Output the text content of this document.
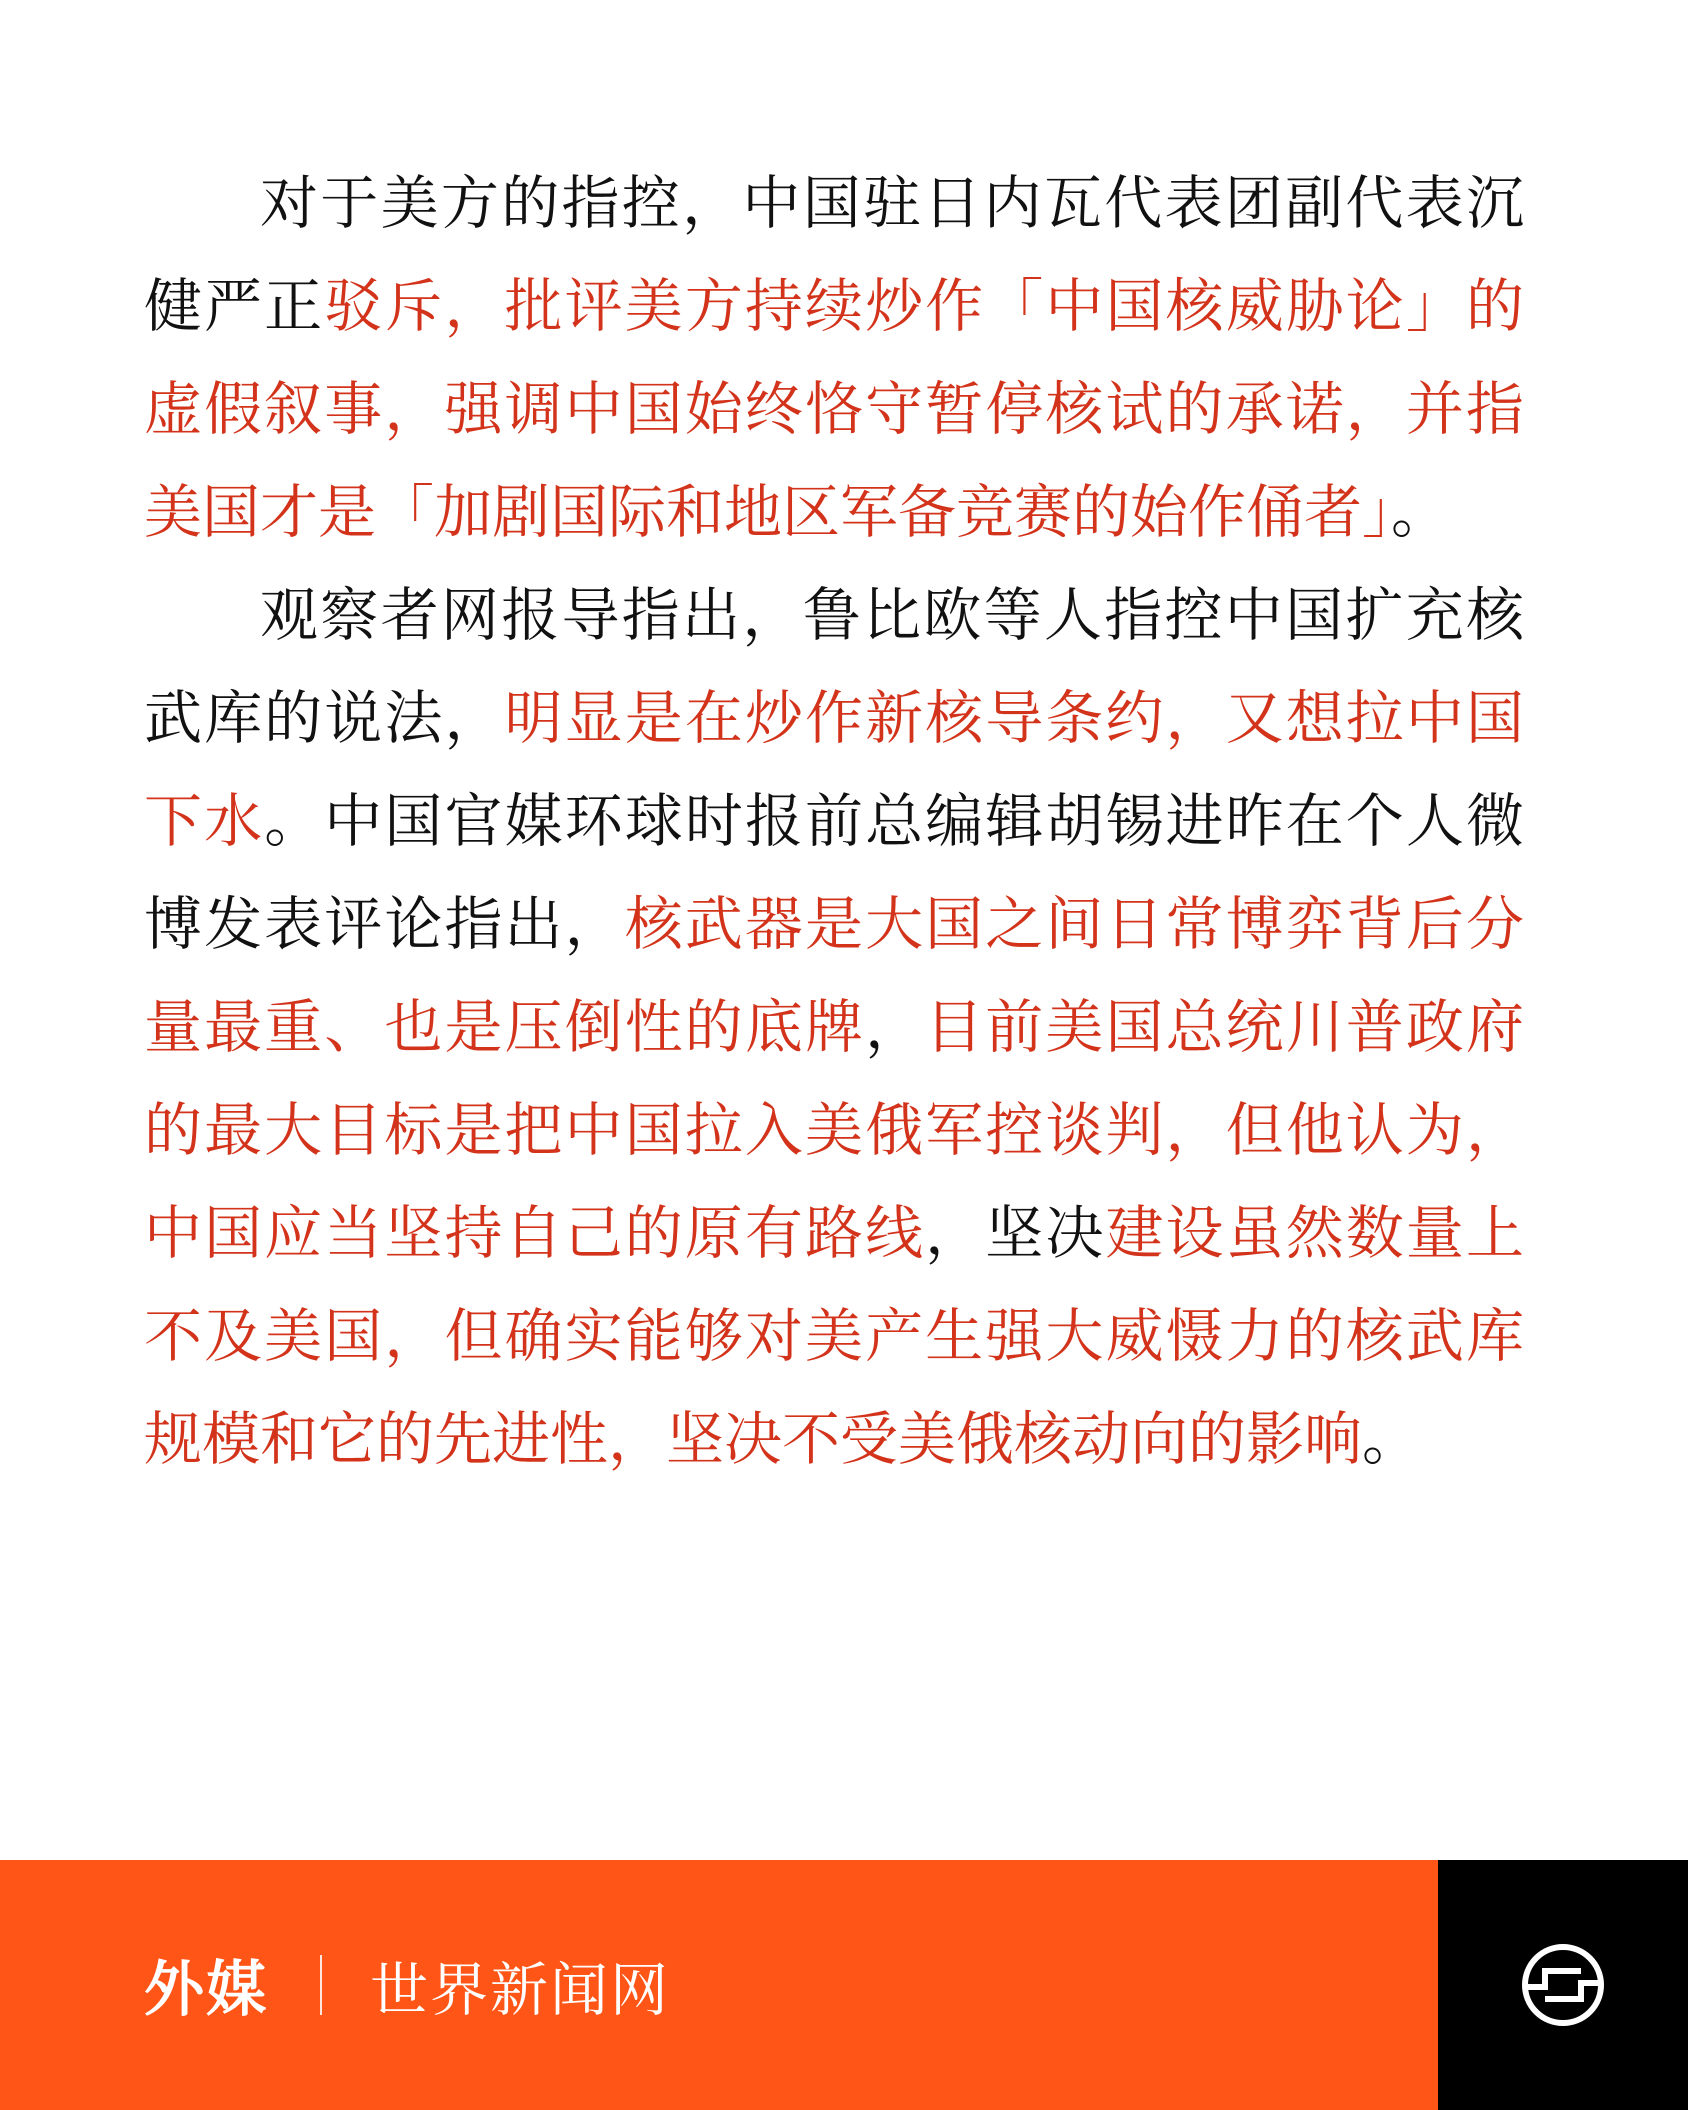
对于美方的指控，中国驻日内瓦代表团副代表沉健严正驳斥，批评美方持续炒作「中国核威胁论」的虚假叙事，强调中国始终恪守暂停核试的承诺，并指美国才是「加剧国际和地区军备竞赛的始作俑者」。

观察者网报导指出，鲁比欧等人指控中国扩充核武库的说法，明显是在炒作新核导条约，又想拉中国下水。中国官媒环球时报前总编辑胡锡进昨在个人微博发表评论指出，核武器是大国之间日常博弈背后分量最重、也是压倒性的底牌，目前美国总统川普政府的最大目标是把中国拉入美俄军控谈判，但他认为，中国应当坚持自己的原有路线，坚决建设虽然数量上不及美国，但确实能够对美产生强大威慑力的核武库规模和它的先进性，坚决不受美俄核动向的影响。

外媒 世界新闻网
